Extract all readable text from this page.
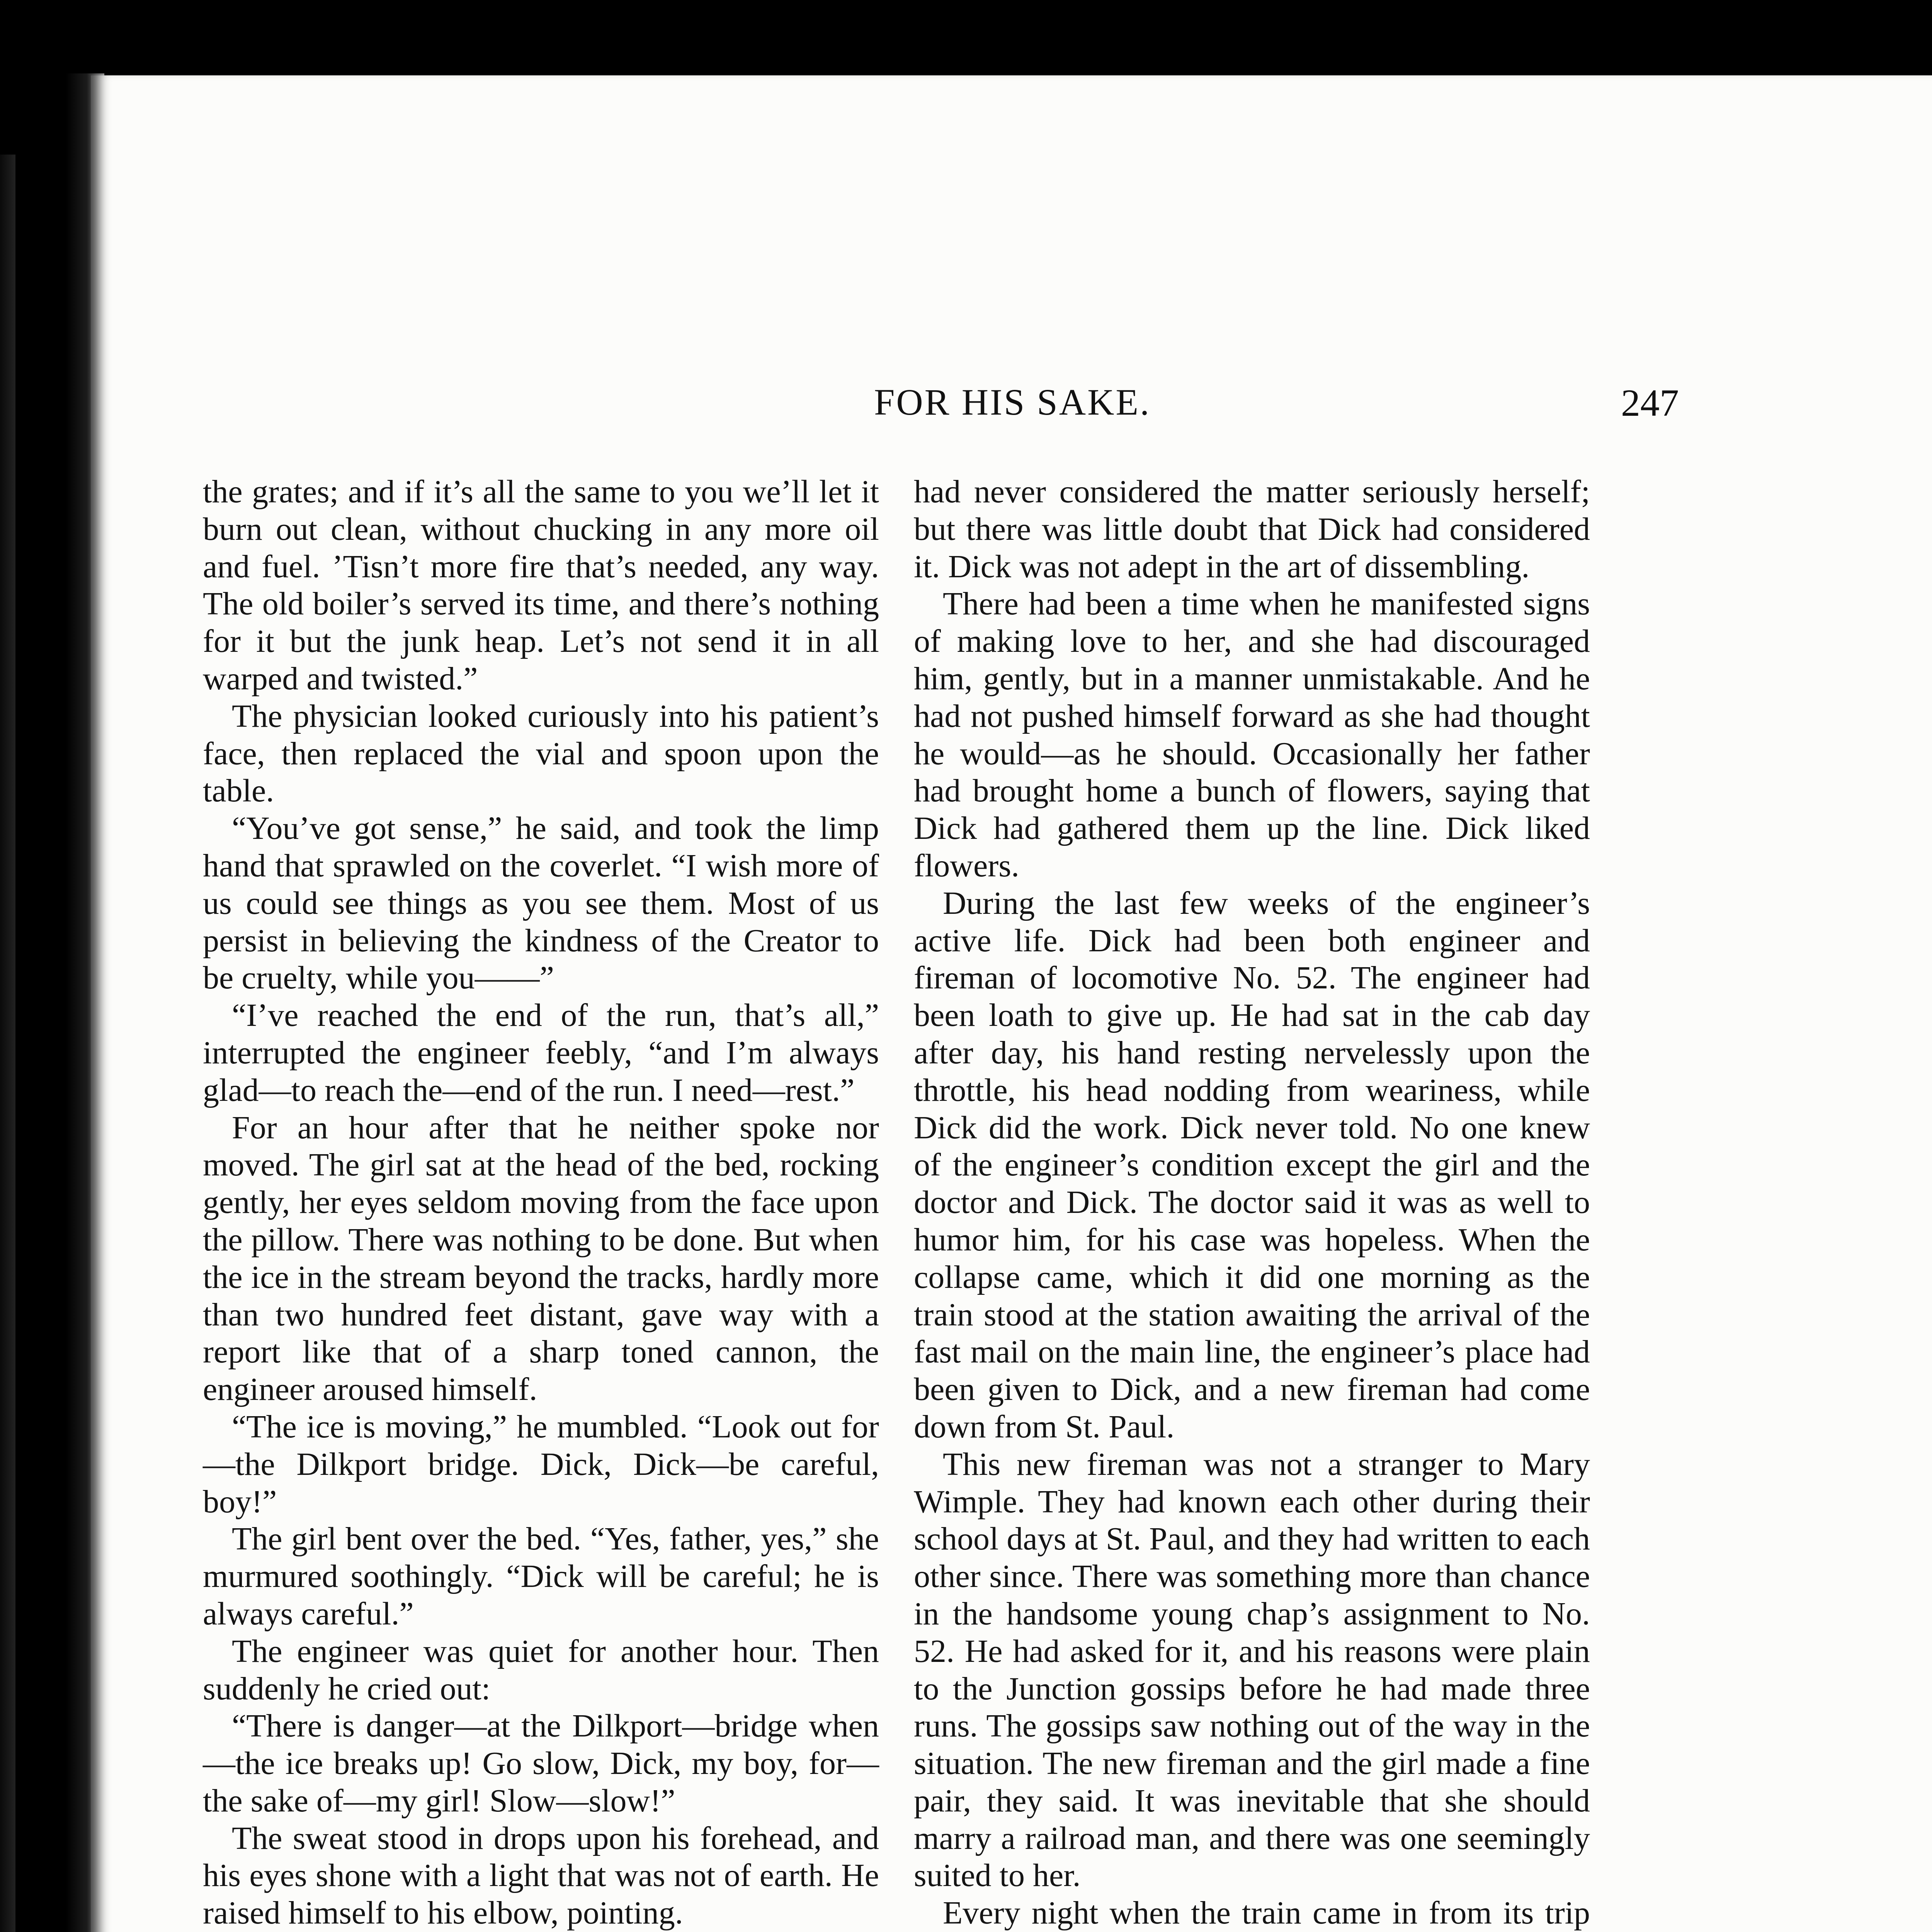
FOR HIS SAKE.	247

the grates; and if it’s all the same to you we’ll let it burn out clean, without chucking in any more oil and fuel. ’Tisn’t more fire that’s needed, any way. The old boiler’s served its time, and there’s nothing for it but the junk heap. Let’s not send it in all warped and twisted.”

The physician looked curiously into his patient’s face, then replaced the vial and spoon upon the table.

“You’ve got sense,” he said, and took the limp hand that sprawled on the coverlet. “I wish more of us could see things as you see them. Most of us persist in believing the kindness of the Creator to be cruelty, while you——”

“I’ve reached the end of the run, that’s all,” interrupted the engineer feebly, “and I’m always glad—to reach the—end of the run. I need—rest.”

For an hour after that he neither spoke nor moved. The girl sat at the head of the bed, rocking gently, her eyes seldom moving from the face upon the pillow. There was nothing to be done. But when the ice in the stream beyond the tracks, hardly more than two hundred feet distant, gave way with a report like that of a sharp toned cannon, the engineer aroused himself.

“The ice is moving,” he mumbled. “Look out for—the Dilkport bridge. Dick, Dick—be careful, boy!”

The girl bent over the bed. “Yes, father, yes,” she murmured soothingly. “Dick will be careful; he is always careful.”

The engineer was quiet for another hour. Then suddenly he cried out:

“There is danger—at the Dilkport—bridge when—the ice breaks up! Go slow, Dick, my boy, for—the sake of—my girl! Slow—slow!”

The sweat stood in drops upon his forehead, and his eyes shone with a light that was not of earth. He raised himself to his elbow, pointing.

had never considered the matter seriously herself; but there was little doubt that Dick had considered it. Dick was not adept in the art of dissembling.

There had been a time when he manifested signs of making love to her, and she had discouraged him, gently, but in a manner unmistakable. And he had not pushed himself forward as she had thought he would—as he should. Occasionally her father had brought home a bunch of flowers, saying that Dick had gathered them up the line. Dick liked flowers.

During the last few weeks of the engineer’s active life. Dick had been both engineer and fireman of locomotive No. 52. The engineer had been loath to give up. He had sat in the cab day after day, his hand resting nervelessly upon the throttle, his head nodding from weariness, while Dick did the work. Dick never told. No one knew of the engineer’s condition except the girl and the doctor and Dick. The doctor said it was as well to humor him, for his case was hopeless. When the collapse came, which it did one morning as the train stood at the station awaiting the arrival of the fast mail on the main line, the engineer’s place had been given to Dick, and a new fireman had come down from St. Paul.

This new fireman was not a stranger to Mary Wimple. They had known each other during their school days at St. Paul, and they had written to each other since. There was something more than chance in the handsome young chap’s assignment to No. 52. He had asked for it, and his reasons were plain to the Junction gossips before he had made three runs. The gossips saw nothing out of the way in the situation. The new fireman and the girl made a fine pair, they said. It was inevitable that she should marry a railroad man, and there was one seemingly suited to her.

Every night when the train came in from its trip
